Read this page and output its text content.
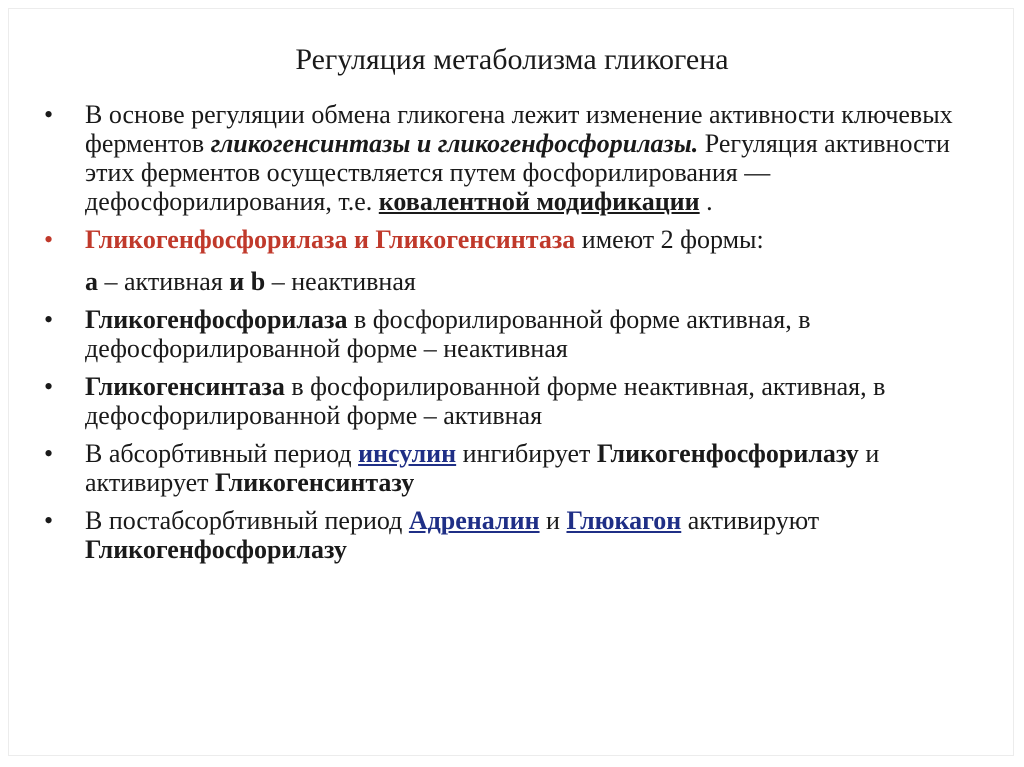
Регуляция метаболизма гликогена
•	В основе регуляции обмена гликогена лежит изменение активности ключевых ферментов гликогенсинтазы и гликогенфосфорилазы. Регуляция активности этих ферментов осуществляется путем фосфорилирования — дефосфорилирования, т.е. ковалентной модификации .
•	Гликогенфосфорилаза и Гликогенсинтаза имеют 2 формы:
a – активная и b – неактивная
•	Гликогенфосфорилаза в фосфорилированной форме активная, в дефосфорилированной форме – неактивная
•	Гликогенсинтаза в фосфорилированной форме неактивная, активная, в дефосфорилированной форме – активная
•	В абсорбтивный период инсулин ингибирует Гликогенфосфорилазу и активирует Гликогенсинтазу
•	В постабсорбтивный период Адреналин и Глюкагон активируют Гликогенфосфорилазу
